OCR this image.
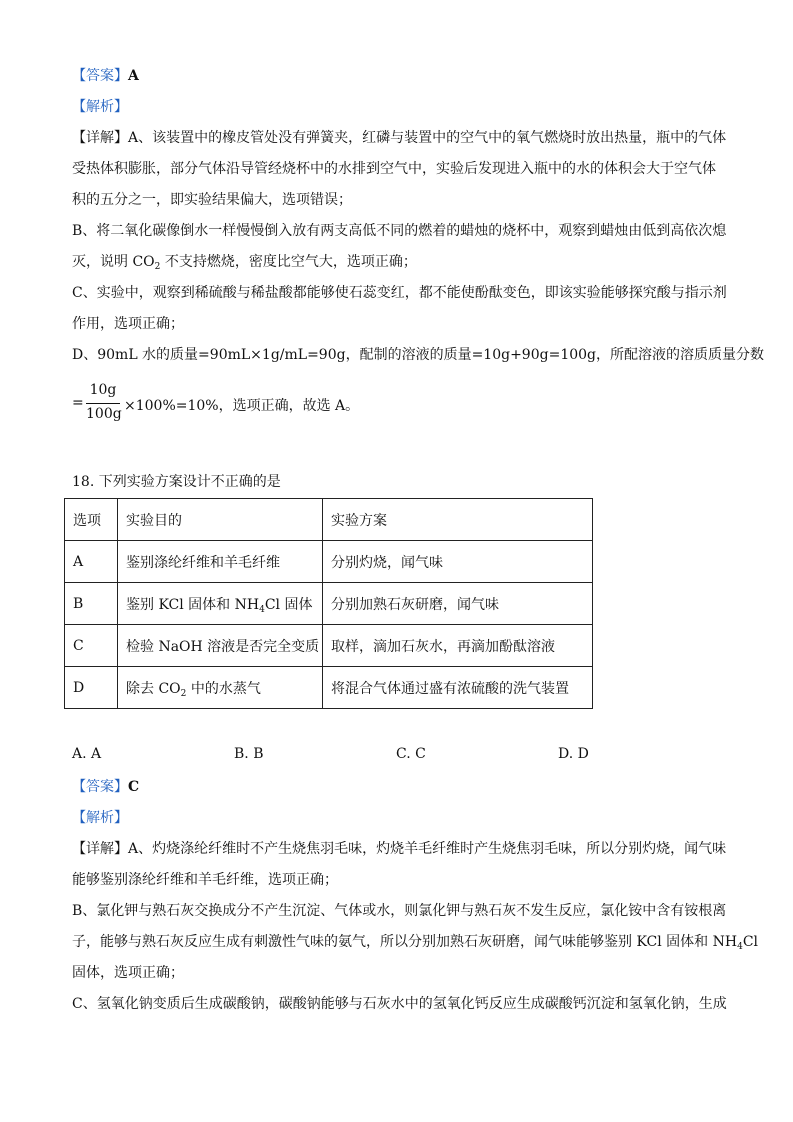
【答案】A
【解析】
【详解】A、该装置中的橡皮管处没有弹簧夹，红磷与装置中的空气中的氧气燃烧时放出热量，瓶中的气体
受热体积膨胀，部分气体沿导管经烧杯中的水排到空气中，实验后发现进入瓶中的水的体积会大于空气体
积的五分之一，即实验结果偏大，选项错误；
B、将二氧化碳像倒水一样慢慢倒入放有两支高低不同的燃着的蜡烛的烧杯中，观察到蜡烛由低到高依次熄
灭，说明 $CO_2$ 不支持燃烧，密度比空气大，选项正确；
C、实验中，观察到稀硫酸与稀盐酸都能够使石蕊变红，都不能使酚酞变色，即该实验能够探究酸与指示剂
作用，选项正确；
D、90mL 水的质量=90mL×1g/mL=90g，配制的溶液的质量=10g+90g=100g，所配溶液的溶质质量分数
=
10g
100g ×100%=10%，选项正确，故选 A。
18. 下列实验方案设计不正确的是
选项	实验目的	实验方案
A	鉴别涤纶纤维和羊毛纤维	分别灼烧，闻气味
B	鉴别 KCl 固体和 $NH_4Cl$ 固体	分别加熟石灰研磨，闻气味
C	检验 NaOH 溶液是否完全变质	取样，滴加石灰水，再滴加酚酞溶液
D	除去 $CO_2$ 中的水蒸气	将混合气体通过盛有浓硫酸的洗气装置
A. A	B. B	C. C	D. D
【答案】C
【解析】
【详解】A、灼烧涤纶纤维时不产生烧焦羽毛味，灼烧羊毛纤维时产生烧焦羽毛味，所以分别灼烧，闻气味
能够鉴别涤纶纤维和羊毛纤维，选项正确；
B、氯化钾与熟石灰交换成分不产生沉淀、气体或水，则氯化钾与熟石灰不发生反应，氯化铵中含有铵根离
子，能够与熟石灰反应生成有刺激性气味的氨气，所以分别加熟石灰研磨，闻气味能够鉴别 KCl 固体和 $NH_4Cl$
固体，选项正确；
C、氢氧化钠变质后生成碳酸钠，碳酸钠能够与石灰水中的氢氧化钙反应生成碳酸钙沉淀和氢氧化钠，生成
